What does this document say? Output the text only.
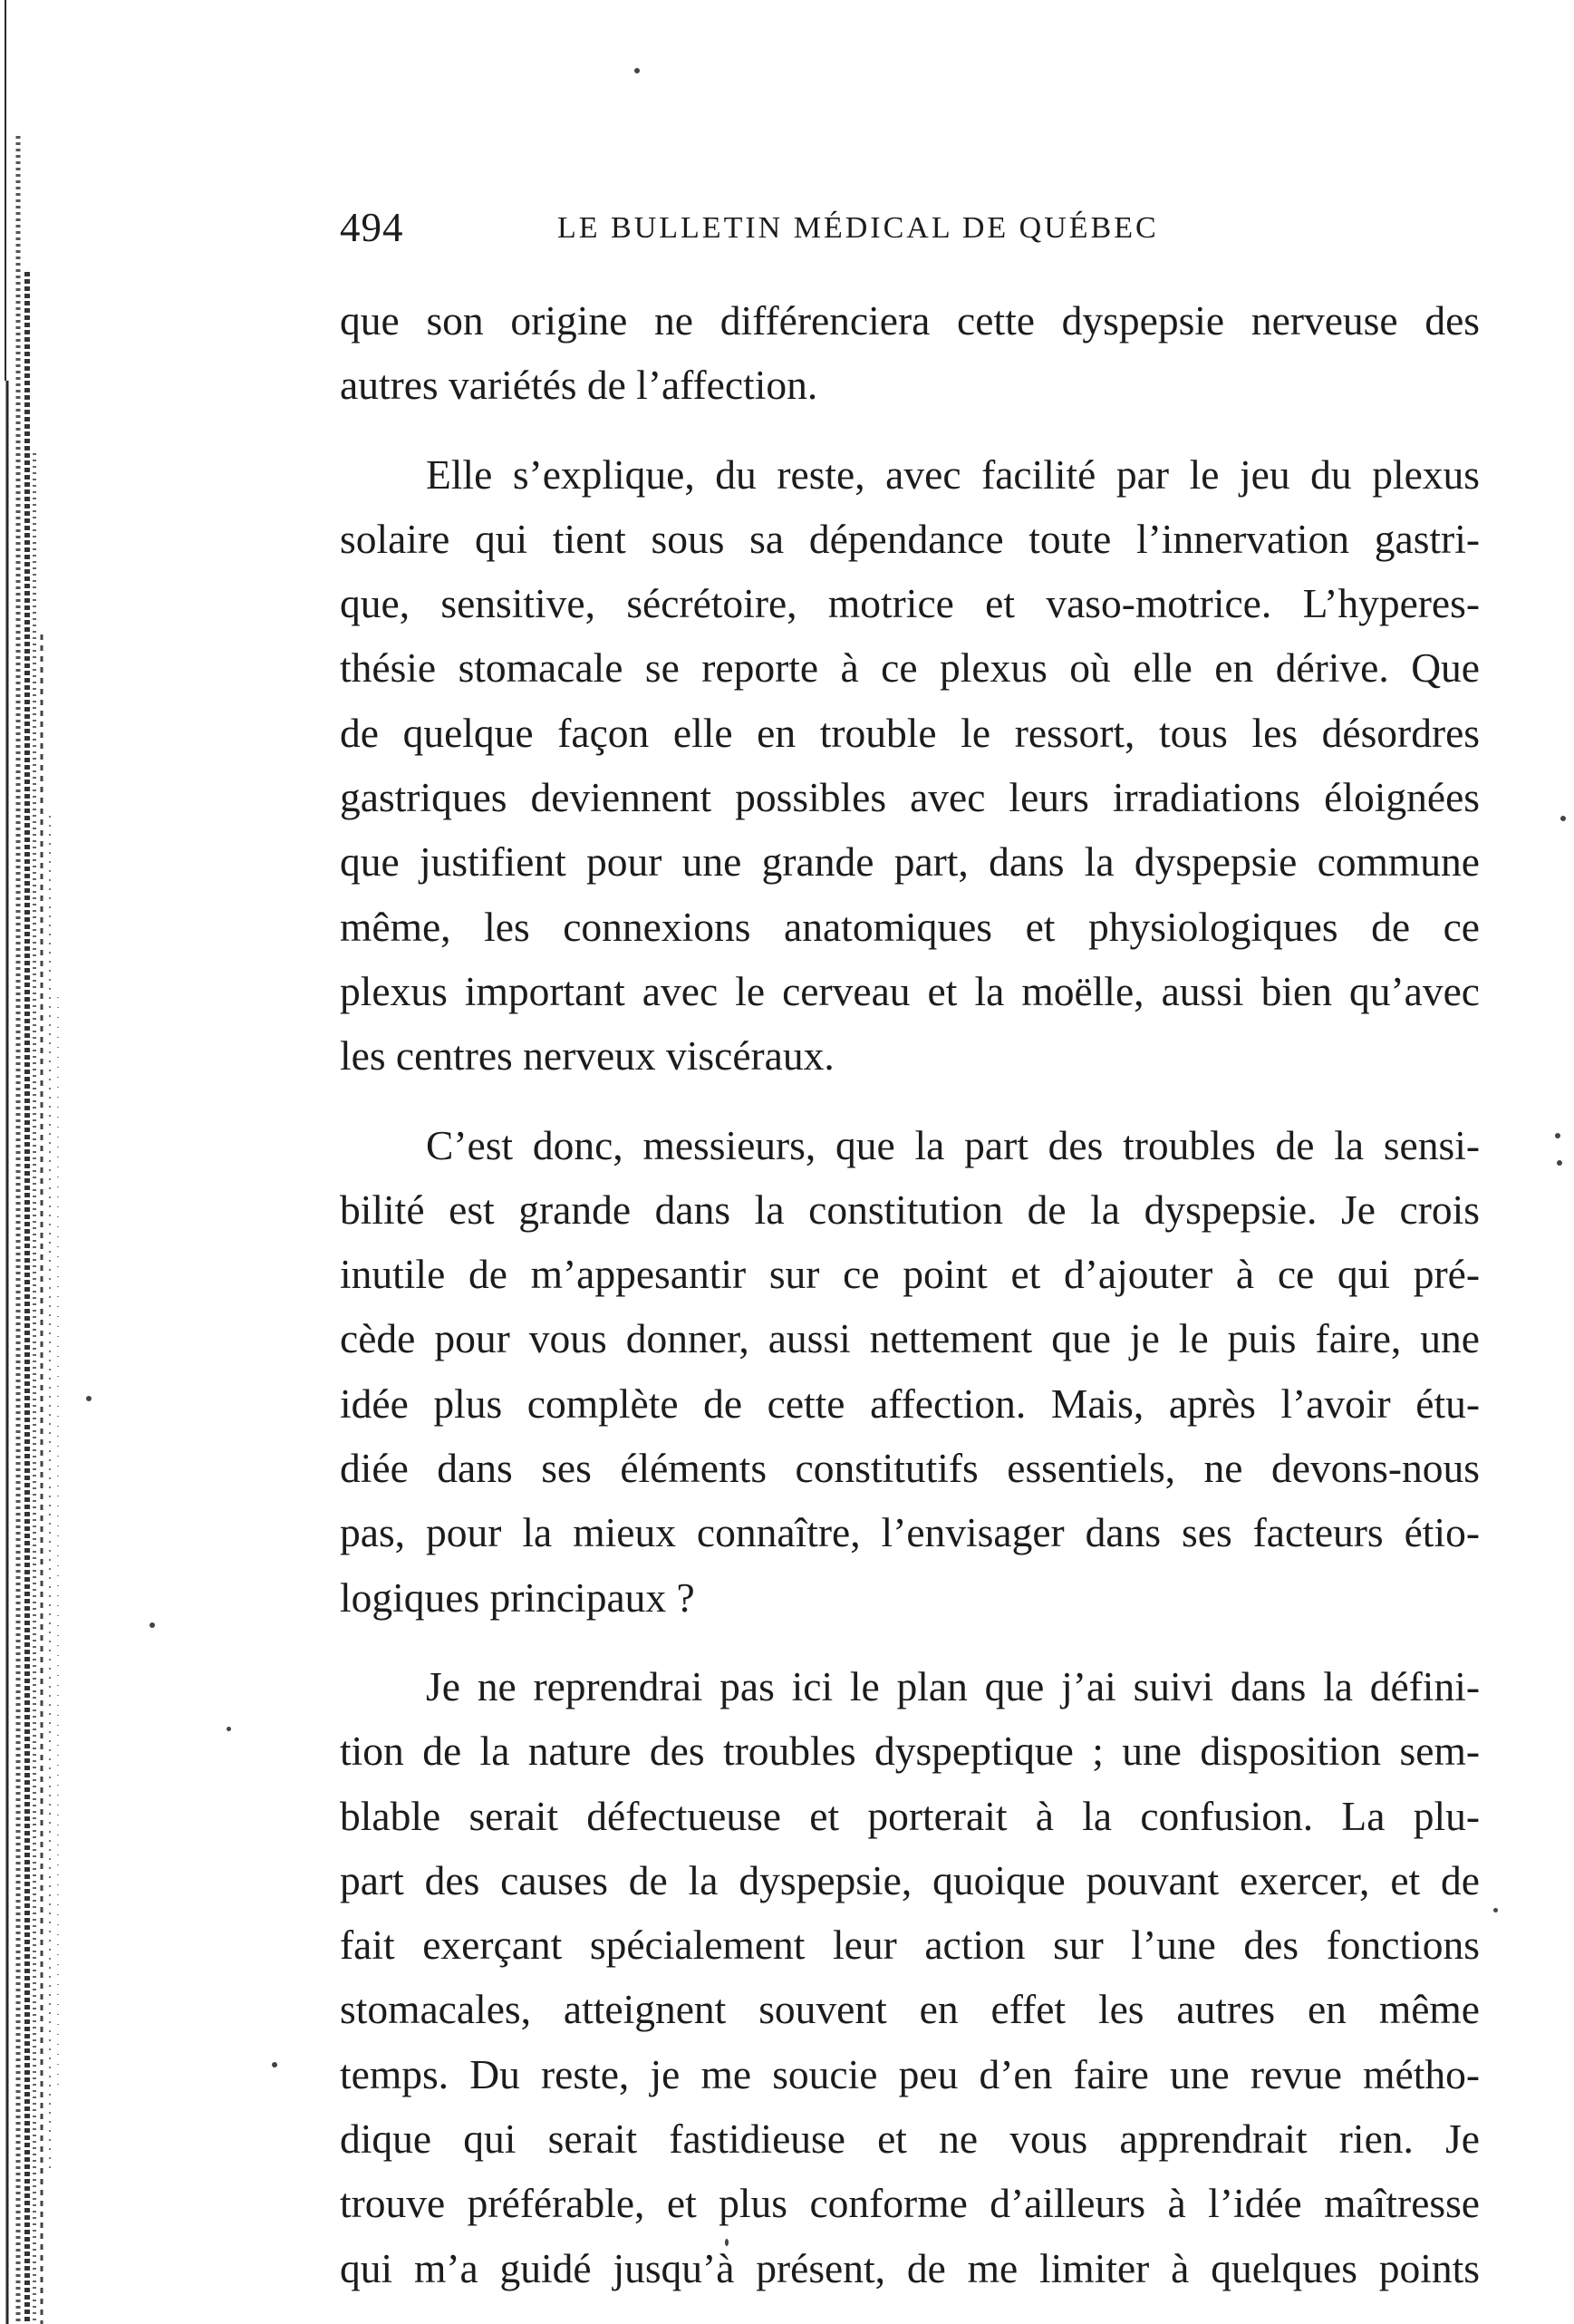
494	LE BULLETIN MÉDICAL DE QUÉBEC
que son origine ne différenciera cette dyspepsie nerveuse des
autres variétés de l’affection.
Elle s’explique, du reste, avec facilité par le jeu du plexus
solaire qui tient sous sa dépendance toute l’innervation gastri-
que, sensitive, sécrétoire, motrice et vaso-motrice. L’hyperes-
thésie stomacale se reporte à ce plexus où elle en dérive. Que
de quelque façon elle en trouble le ressort, tous les désordres
gastriques deviennent possibles avec leurs irradiations éloignées
que justifient pour une grande part, dans la dyspepsie commune
même, les connexions anatomiques et physiologiques de ce
plexus important avec le cerveau et la moëlle, aussi bien qu’avec
les centres nerveux viscéraux.
C’est donc, messieurs, que la part des troubles de la sensi-
bilité est grande dans la constitution de la dyspepsie. Je crois
inutile de m’appesantir sur ce point et d’ajouter à ce qui pré-
cède pour vous donner, aussi nettement que je le puis faire, une
idée plus complète de cette affection. Mais, après l’avoir étu-
diée dans ses éléments constitutifs essentiels, ne devons-nous
pas, pour la mieux connaître, l’envisager dans ses facteurs étio-
logiques principaux ?
Je ne reprendrai pas ici le plan que j’ai suivi dans la défini-
tion de la nature des troubles dyspeptique ; une disposition sem-
blable serait défectueuse et porterait à la confusion. La plu-
part des causes de la dyspepsie, quoique pouvant exercer, et de
fait exerçant spécialement leur action sur l’une des fonctions
stomacales, atteignent souvent en effet les autres en même
temps. Du reste, je me soucie peu d’en faire une revue métho-
dique qui serait fastidieuse et ne vous apprendrait rien. Je
trouve préférable, et plus conforme d’ailleurs à l’idée maîtresse
qui m’a guidé jusqu’à présent, de me limiter à quelques points
